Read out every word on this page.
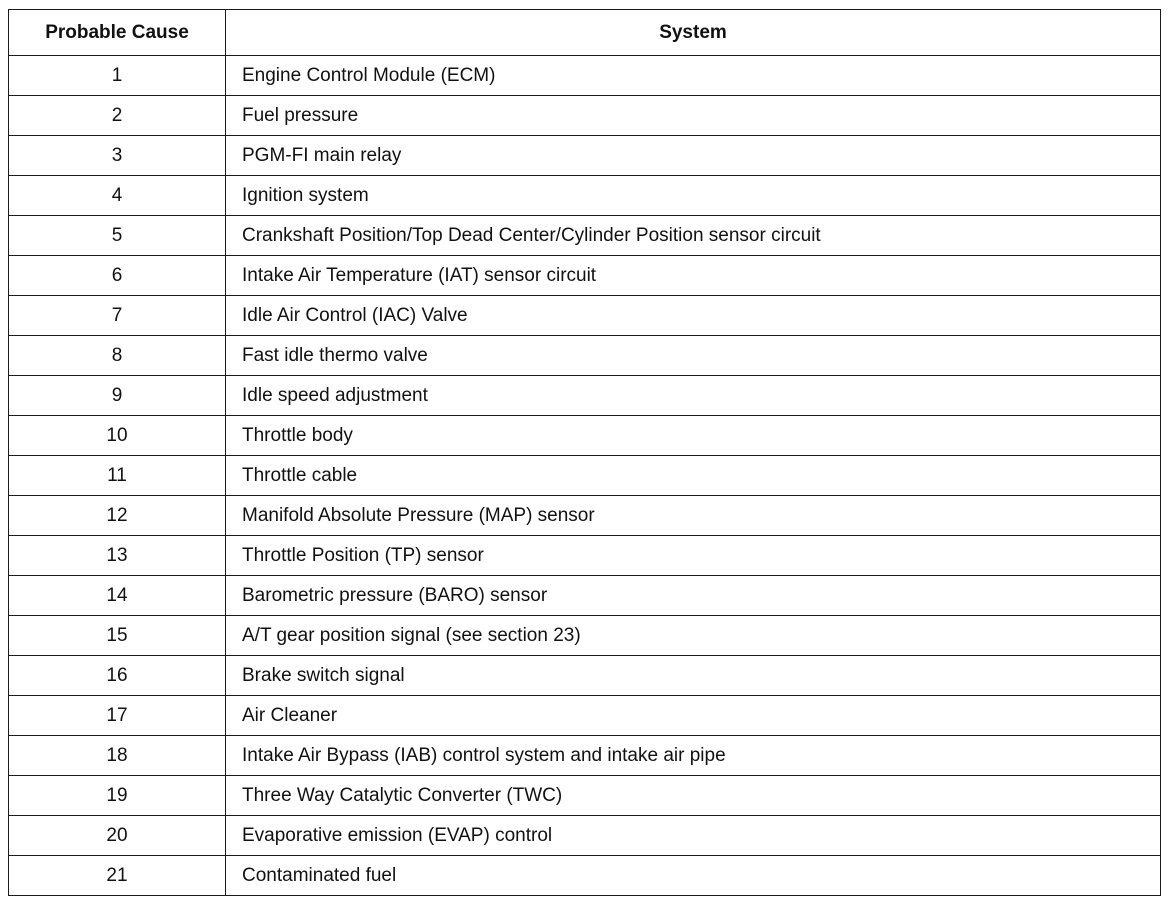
Probable Cause	System
1	Engine Control Module (ECM)
2	Fuel pressure
3	PGM-FI main relay
4	Ignition system
5	Crankshaft Position/Top Dead Center/Cylinder Position sensor circuit
6	Intake Air Temperature (IAT) sensor circuit
7	Idle Air Control (IAC) Valve
8	Fast idle thermo valve
9	Idle speed adjustment
10	Throttle body
11	Throttle cable
12	Manifold Absolute Pressure (MAP) sensor
13	Throttle Position (TP) sensor
14	Barometric pressure (BARO) sensor
15	A/T gear position signal (see section 23)
16	Brake switch signal
17	Air Cleaner
18	Intake Air Bypass (IAB) control system and intake air pipe
19	Three Way Catalytic Converter (TWC)
20	Evaporative emission (EVAP) control
21	Contaminated fuel
